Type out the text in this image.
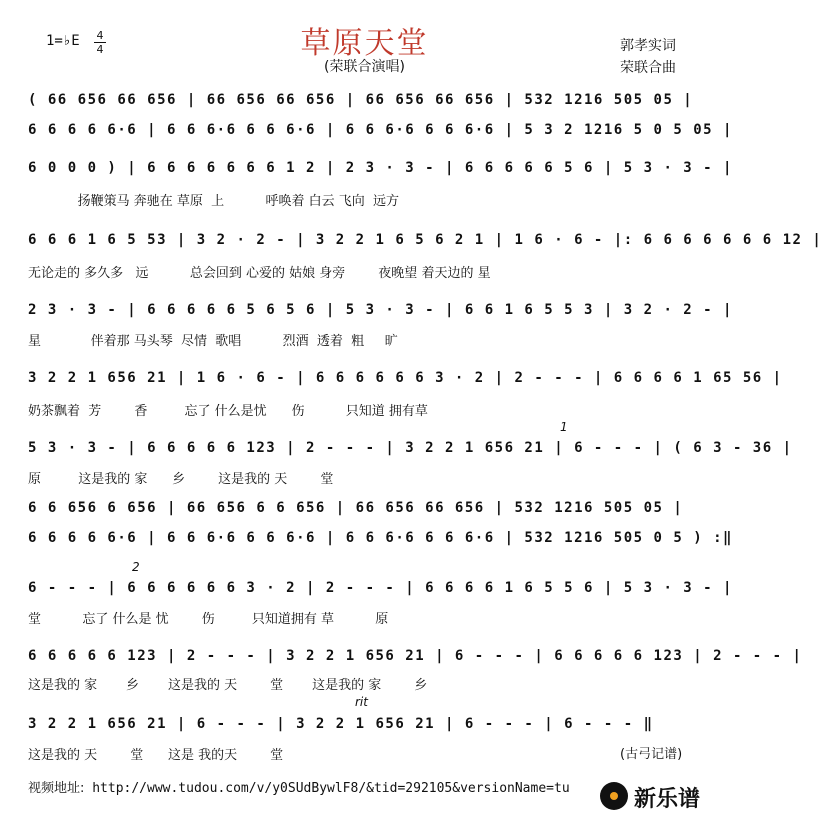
草原天堂
(荣联合演唱)
1=♭E 4
4	郭孝实词
荣联合曲
( 66 656 66 656 | 66 656 66 656 | 66 656 66 656 | 532 1216 505 05 |
6 6 6 6 6·6 | 6 6 6·6 6 6 6·6 | 6 6 6·6 6 6 6·6 | 5 3 2 1216 5 0 5 05 |
6 0 0 0 ) | 6 6 6 6 6 6 6 1 2 | 2 3 · 3 - | 6 6 6 6 6 5 6 | 5 3 · 3 - |
扬鞭策马 奔驰在 草原  上          呼唤着 白云 飞向  远方
6 6 6 1 6 5 53 | 3 2 · 2 - | 3 2 2 1 6 5 6 2 1 | 1 6 · 6 - |: 6 6 6 6 6 6 6 12 |
无论走的 多久多   远          总会回到 心爱的 姑娘 身旁        夜晚望 着天边的 星
2 3 · 3 - | 6 6 6 6 6 5 6 5 6 | 5 3 · 3 - | 6 6 1 6 5 5 3 | 3 2 · 2 - |
星            伴着那 马头琴  尽情  歌唱          烈酒  透着  粗     旷
3 2 2 1 656 21 | 1 6 · 6 - | 6 6 6 6 6 6 3 · 2 | 2 - - - | 6 6 6 6 1 65 56 |
奶茶飘着  芳        香         忘了 什么是忧      伤          只知道 拥有草
1
5 3 · 3 - | 6 6 6 6 6 123 | 2 - - - | 3 2 2 1 656 21 | 6 - - - | ( 6 3 - 36 |
原         这是我的 家      乡        这是我的 天        堂
6 6 656 6 656 | 66 656 6 6 656 | 66 656 66 656 | 532 1216 505 05 |
6 6 6 6 6·6 | 6 6 6·6 6 6 6·6 | 6 6 6·6 6 6 6·6 | 532 1216 505 0 5 ) :‖
2
6 - - - | 6 6 6 6 6 6 3 · 2 | 2 - - - | 6 6 6 6 1 6 5 5 6 | 5 3 · 3 - |
堂          忘了 什么是 忧        伤         只知道拥有 草          原
6 6 6 6 6 123 | 2 - - - | 3 2 2 1 656 21 | 6 - - - | 6 6 6 6 6 123 | 2 - - - |
这是我的 家       乡       这是我的 天        堂       这是我的 家        乡
rit
3 2 2 1 656 21 | 6 - - - | 3 2 2 1 656 21 | 6 - - - | 6 - - - ‖
这是我的 天        堂      这是 我的天        堂	(古弓记谱)
视频地址: http://www.tudou.com/v/y0SUdBywlF8/&tid=292105&versionName=tu	新乐谱
